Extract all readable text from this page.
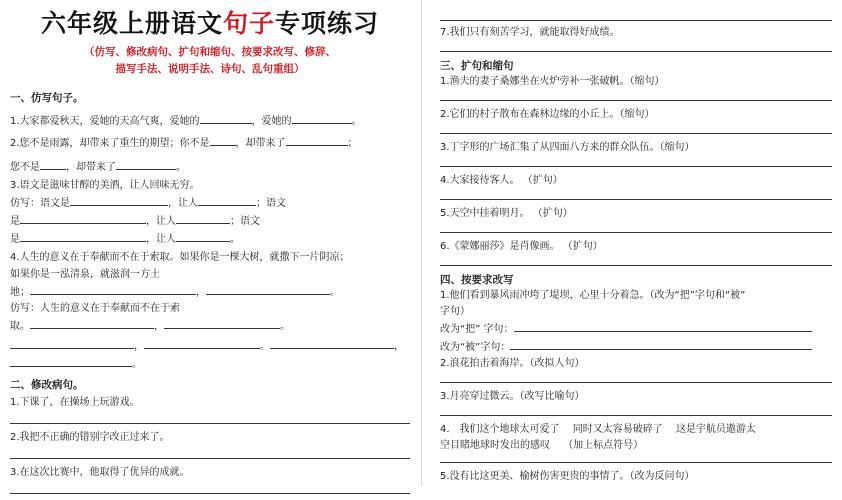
六年级上册语文句子专项练习
（仿写、修改病句、扩句和缩句、按要求改写、修辞、
描写手法、说明手法、诗句、乱句重组）
一、仿写句子。
1.大家都爱秋天，爱她的天高气爽，爱她的	，爱她的	。
2.您不是雨露，却带来了重生的期望；你不是	，却带来了	；
您不是	，却带来了	。
3.语文是滋味甘醇的美酒，让人回味无穷。
仿写：语文是	，让人	；语文
是	，让人	；语文
是	，让人	。
4.人生的意义在于奉献而不在于索取。如果你是一棵大树，就撒下一片阴凉；
如果你是一泓清泉，就滋润一方土
地；	，	。
仿写：人生的意义在于奉献而不在于索
取。	，	。
，	。	，
。
二、修改病句。
1.下课了，在操场上玩游戏。
2.我把不正确的错别字改正过来了。
3.在这次比赛中，他取得了优异的成就。
7.我们只有刻苦学习，就能取得好成绩。
三、扩句和缩句
1.渔夫的妻子桑娜坐在火炉旁补一张破帆。（缩句）
2.它们的村子散布在森林边缘的小丘上。（缩句）
3.丁字形的广场汇集了从四面八方来的群众队伍。（缩句）
4.大家接待客人。 （扩句）
5.天空中挂着明月。 （扩句）
6.《蒙娜丽莎》是肖像画。 （扩句）
四、按要求改写
1.他们看到暴风雨冲垮了堤坝，心里十分着急。（改为“把”字句和“被”
字句）
改为“把” 字句：
改为“被”字句：
2.浪花拍击着海岸。（改拟人句）
3.月亮穿过微云。（改写比喻句）
4.　我们这个地球太可爱了　 同时又太容易破碎了　 这是宇航员遨游太
空目睹地球时发出的感叹　 （加上标点符号）
5.没有比这更美、榆树伤害更贵的事情了。（改为反问句）
